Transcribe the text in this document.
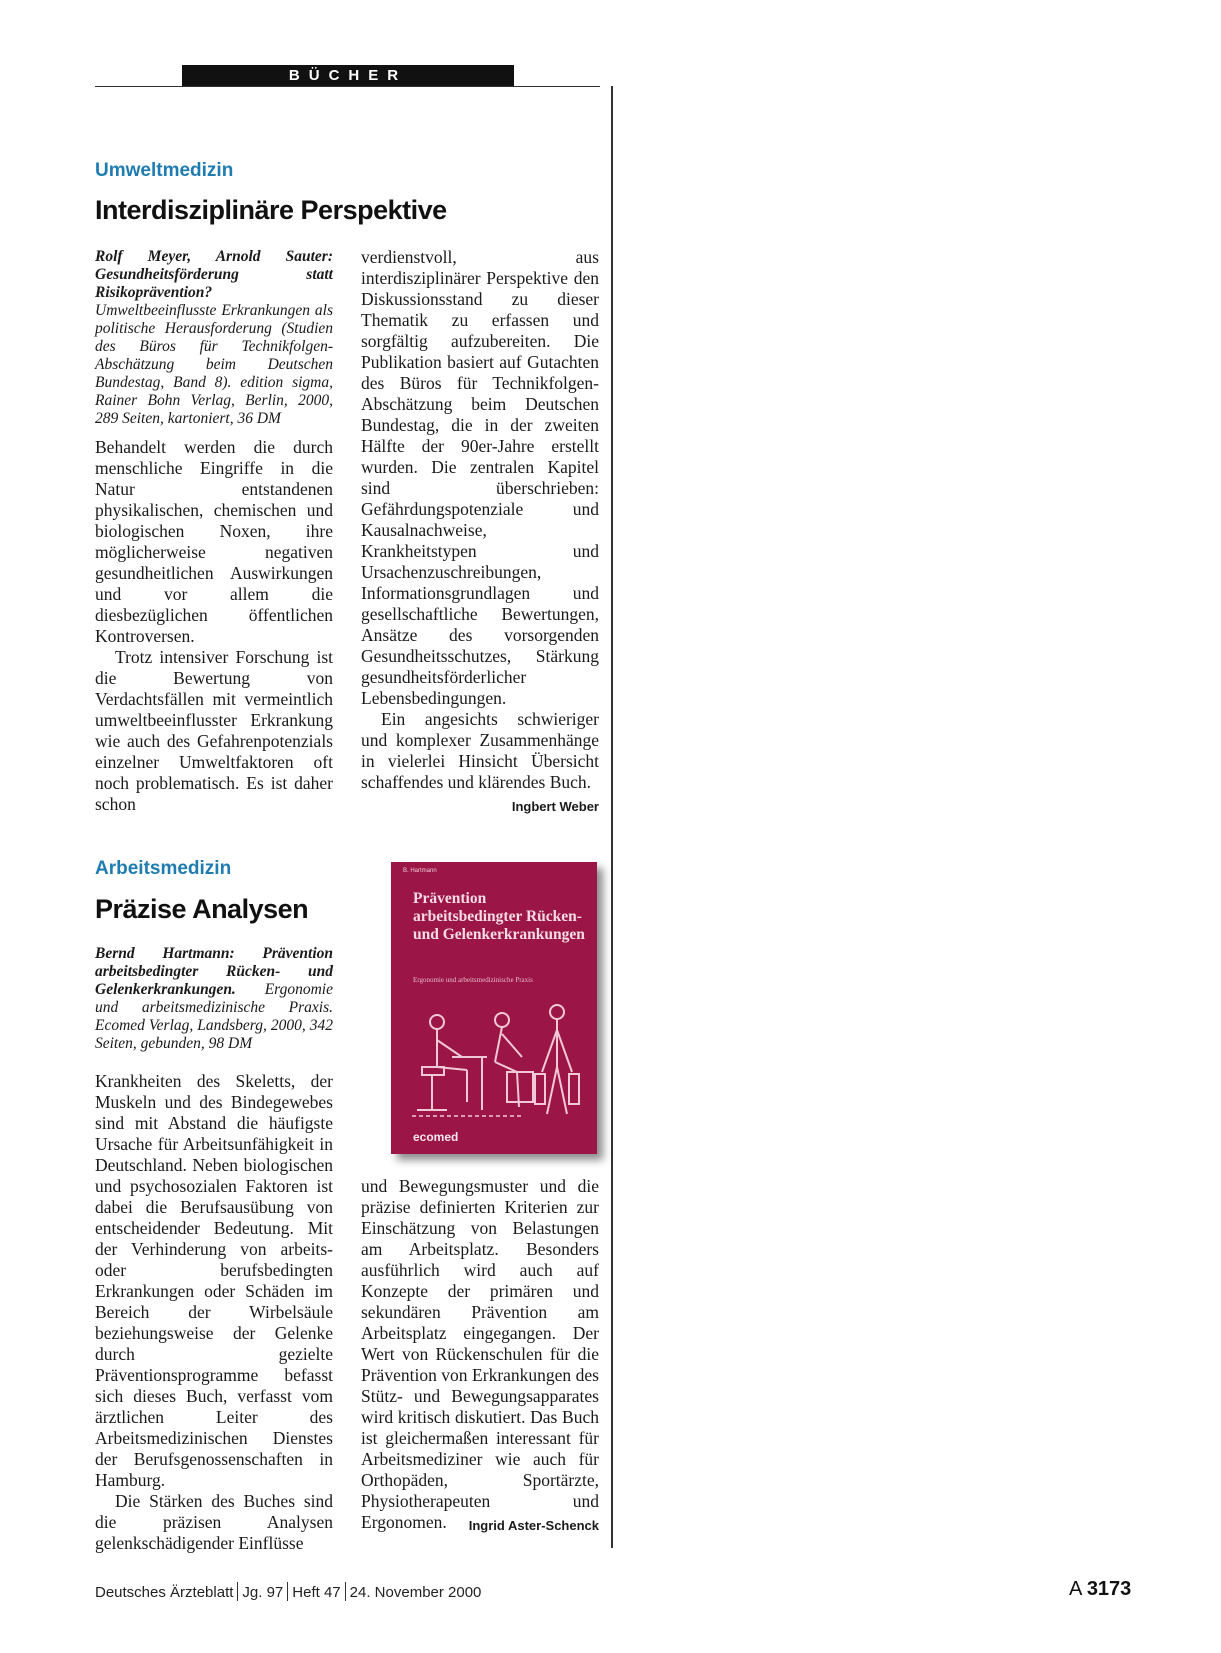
BÜCHER
Umweltmedizin
Interdisziplinäre Perspektive
Rolf Meyer, Arnold Sauter: Gesundheitsförderung statt Risikoprävention? Umweltbeeinflusste Erkrankungen als politische Herausforderung (Studien des Büros für Technikfolgen-Abschätzung beim Deutschen Bundestag, Band 8). edition sigma, Rainer Bohn Verlag, Berlin, 2000, 289 Seiten, kartoniert, 36 DM

Behandelt werden die durch menschliche Eingriffe in die Natur entstandenen physikalischen, chemischen und biologischen Noxen, ihre möglicherweise negativen gesundheitlichen Auswirkungen und vor allem die diesbezüglichen öffentlichen Kontroversen.

Trotz intensiver Forschung ist die Bewertung von Verdachtsfällen mit vermeintlich umweltbeeinflusster Erkrankung wie auch des Gefahrenpotenzials einzelner Umweltfaktoren oft noch problematisch. Es ist daher schon

verdienstvoll, aus interdisziplinärer Perspektive den Diskussionsstand zu dieser Thematik zu erfassen und sorgfältig aufzubereiten. Die Publikation basiert auf Gutachten des Büros für Technikfolgen-Abschätzung beim Deutschen Bundestag, die in der zweiten Hälfte der 90er-Jahre erstellt wurden. Die zentralen Kapitel sind überschrieben: Gefährdungspotenziale und Kausalnachweise, Krankheitstypen und Ursachenzuschreibungen, Informationsgrundlagen und gesellschaftliche Bewertungen, Ansätze des vorsorgenden Gesundheitsschutzes, Stärkung gesundheitsförderlicher Lebensbedingungen.

Ein angesichts schwieriger und komplexer Zusammenhänge in vielerlei Hinsicht Übersicht schaffendes und klärendes Buch.
Ingbert Weber

Arbeitsmedizin
Präzise Analysen
Bernd Hartmann: Prävention arbeitsbedingter Rücken- und Gelenkerkrankungen. Ergonomie und arbeitsmedizinische Praxis. Ecomed Verlag, Landsberg, 2000, 342 Seiten, gebunden, 98 DM

Krankheiten des Skeletts, der Muskeln und des Bindegewebes sind mit Abstand die häufigste Ursache für Arbeitsunfähigkeit in Deutschland. Neben biologischen und psychosozialen Faktoren ist dabei die Berufsausübung von entscheidender Bedeutung. Mit der Verhinderung von arbeits- oder berufsbedingten Erkrankungen oder Schäden im Bereich der Wirbelsäule beziehungsweise der Gelenke durch gezielte Präventionsprogramme befasst sich dieses Buch, verfasst vom ärztlichen Leiter des Arbeitsmedizinischen Dienstes der Berufsgenossenschaften in Hamburg.

Die Stärken des Buches sind die präzisen Analysen gelenkschädigender Einflüsse

B. Hartmann
Prävention arbeitsbedingter Rücken- und Gelenkerkrankungen
Ergonomie und arbeitsmedizinische Praxis
ecomed

und Bewegungsmuster und die präzise definierten Kriterien zur Einschätzung von Belastungen am Arbeitsplatz. Besonders ausführlich wird auch auf Konzepte der primären und sekundären Prävention am Arbeitsplatz eingegangen. Der Wert von Rückenschulen für die Prävention von Erkrankungen des Stütz- und Bewegungsapparates wird kritisch diskutiert. Das Buch ist gleichermaßen interessant für Arbeitsmediziner wie auch für Orthopäden, Sportärzte, Physiotherapeuten und Ergonomen. Ingrid Aster-Schenck

Deutsches Ärzteblatt Jg. 97 Heft 47 24. November 2000	A 3173
